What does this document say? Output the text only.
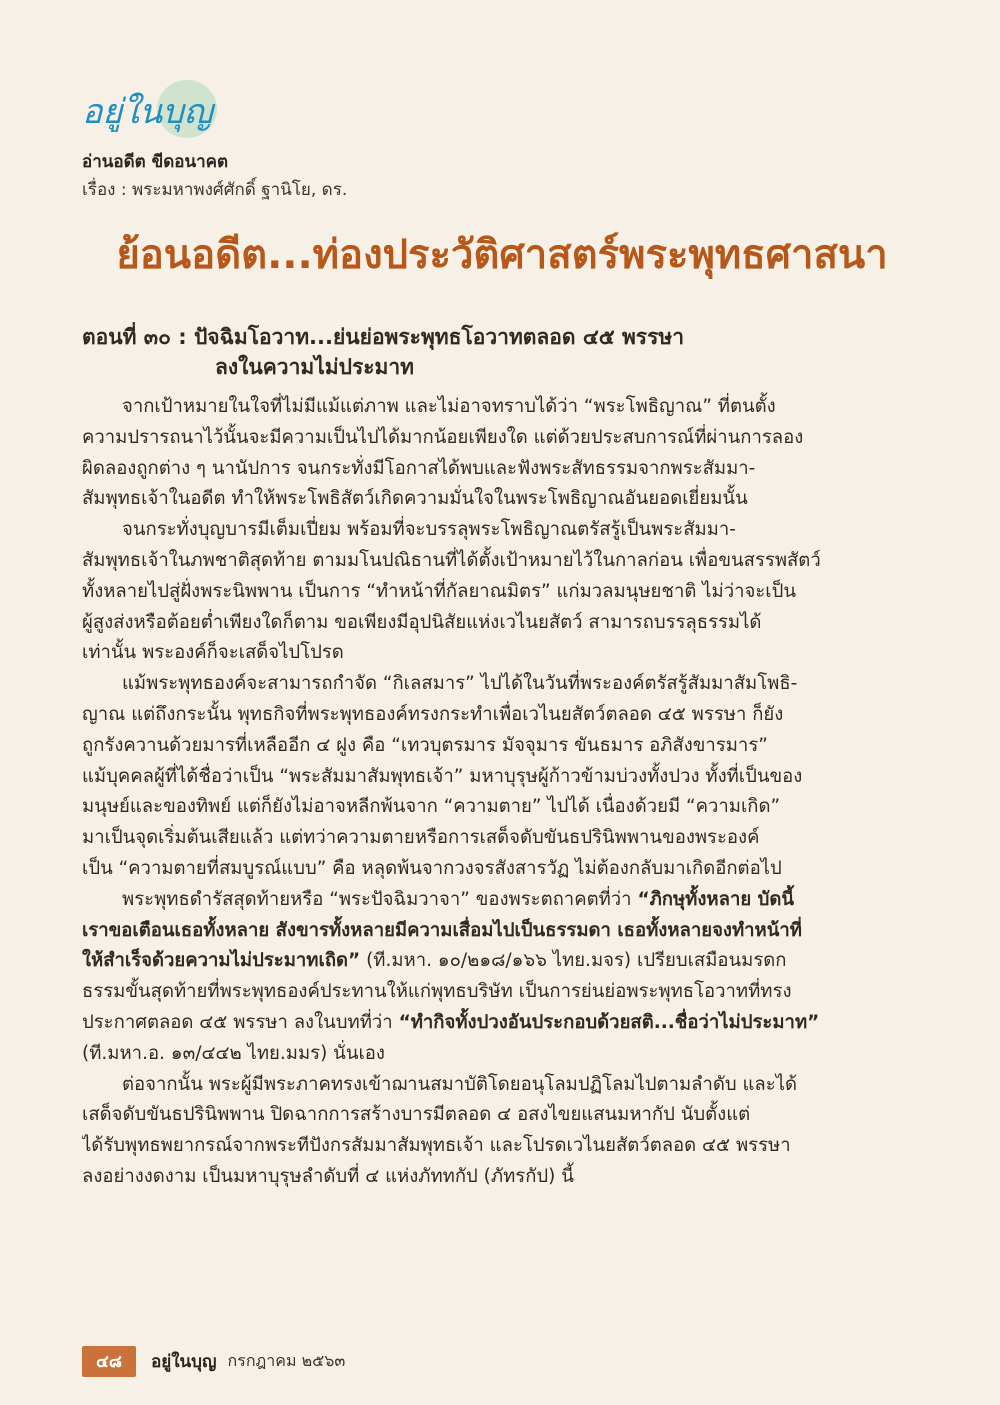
อยู่ในบุญ
อ่านอดีต ขีดอนาคต
เรื่อง : พระมหาพงศ์ศักดิ์ ฐานิโย, ดร.
ย้อนอดีต...ท่องประวัติศาสตร์พระพุทธศาสนา
ตอนที่ ๓๐ : ปัจฉิมโอวาท...ย่นย่อพระพุทธโอวาทตลอด ๔๕ พรรษา
ลงในความไม่ประมาท
จากเป้าหมายในใจที่ไม่มีแม้แต่ภาพ และไม่อาจทราบได้ว่า “พระโพธิญาณ” ที่ตนตั้ง
ความปรารถนาไว้นั้นจะมีความเป็นไปได้มากน้อยเพียงใด แต่ด้วยประสบการณ์ที่ผ่านการลอง
ผิดลองถูกต่าง ๆ นานัปการ จนกระทั่งมีโอกาสได้พบและฟังพระสัทธรรมจากพระสัมมา-
สัมพุทธเจ้าในอดีต ทำให้พระโพธิสัตว์เกิดความมั่นใจในพระโพธิญาณอันยอดเยี่ยมนั้น
จนกระทั่งบุญบารมีเต็มเปี่ยม พร้อมที่จะบรรลุพระโพธิญาณตรัสรู้เป็นพระสัมมา-
สัมพุทธเจ้าในภพชาติสุดท้าย ตามมโนปณิธานที่ได้ตั้งเป้าหมายไว้ในกาลก่อน เพื่อขนสรรพสัตว์
ทั้งหลายไปสู่ฝั่งพระนิพพาน เป็นการ “ทำหน้าที่กัลยาณมิตร” แก่มวลมนุษยชาติ ไม่ว่าจะเป็น
ผู้สูงส่งหรือต้อยต่ำเพียงใดก็ตาม ขอเพียงมีอุปนิสัยแห่งเวไนยสัตว์ สามารถบรรลุธรรมได้
เท่านั้น พระองค์ก็จะเสด็จไปโปรด
แม้พระพุทธองค์จะสามารถกำจัด “กิเลสมาร” ไปได้ในวันที่พระองค์ตรัสรู้สัมมาสัมโพธิ-
ญาณ แต่ถึงกระนั้น พุทธกิจที่พระพุทธองค์ทรงกระทำเพื่อเวไนยสัตว์ตลอด ๔๕ พรรษา ก็ยัง
ถูกรังควานด้วยมารที่เหลืออีก ๔ ฝูง คือ “เทวบุตรมาร มัจจุมาร ขันธมาร อภิสังขารมาร”
แม้บุคคลผู้ที่ได้ชื่อว่าเป็น “พระสัมมาสัมพุทธเจ้า” มหาบุรุษผู้ก้าวข้ามบ่วงทั้งปวง ทั้งที่เป็นของ
มนุษย์และของทิพย์ แต่ก็ยังไม่อาจหลีกพ้นจาก “ความตาย” ไปได้ เนื่องด้วยมี “ความเกิด”
มาเป็นจุดเริ่มต้นเสียแล้ว แต่ทว่าความตายหรือการเสด็จดับขันธปรินิพพานของพระองค์
เป็น “ความตายที่สมบูรณ์แบบ” คือ หลุดพ้นจากวงจรสังสารวัฏ ไม่ต้องกลับมาเกิดอีกต่อไป
พระพุทธดำรัสสุดท้ายหรือ “พระปัจฉิมวาจา” ของพระตถาคตที่ว่า “ภิกษุทั้งหลาย บัดนี้
เราขอเตือนเธอทั้งหลาย สังขารทั้งหลายมีความเสื่อมไปเป็นธรรมดา เธอทั้งหลายจงทำหน้าที่
ให้สำเร็จด้วยความไม่ประมาทเถิด” (ที.มหา. ๑๐/๒๑๘/๑๖๖ ไทย.มจร) เปรียบเสมือนมรดก
ธรรมขั้นสุดท้ายที่พระพุทธองค์ประทานให้แก่พุทธบริษัท เป็นการย่นย่อพระพุทธโอวาทที่ทรง
ประกาศตลอด ๔๕ พรรษา ลงในบทที่ว่า “ทำกิจทั้งปวงอันประกอบด้วยสติ...ชื่อว่าไม่ประมาท”
(ที.มหา.อ. ๑๓/๔๔๒ ไทย.มมร) นั่นเอง
ต่อจากนั้น พระผู้มีพระภาคทรงเข้าฌานสมาบัติโดยอนุโลมปฏิโลมไปตามลำดับ และได้
เสด็จดับขันธปรินิพพาน ปิดฉากการสร้างบารมีตลอด ๔ อสงไขยแสนมหากัป นับตั้งแต่
ได้รับพุทธพยากรณ์จากพระทีปังกรสัมมาสัมพุทธเจ้า และโปรดเวไนยสัตว์ตลอด ๔๕ พรรษา
ลงอย่างงดงาม เป็นมหาบุรุษลำดับที่ ๔ แห่งภัททกัป (ภัทรกัป) นี้
๔๘ อยู่ในบุญ กรกฎาคม ๒๕๖๓
